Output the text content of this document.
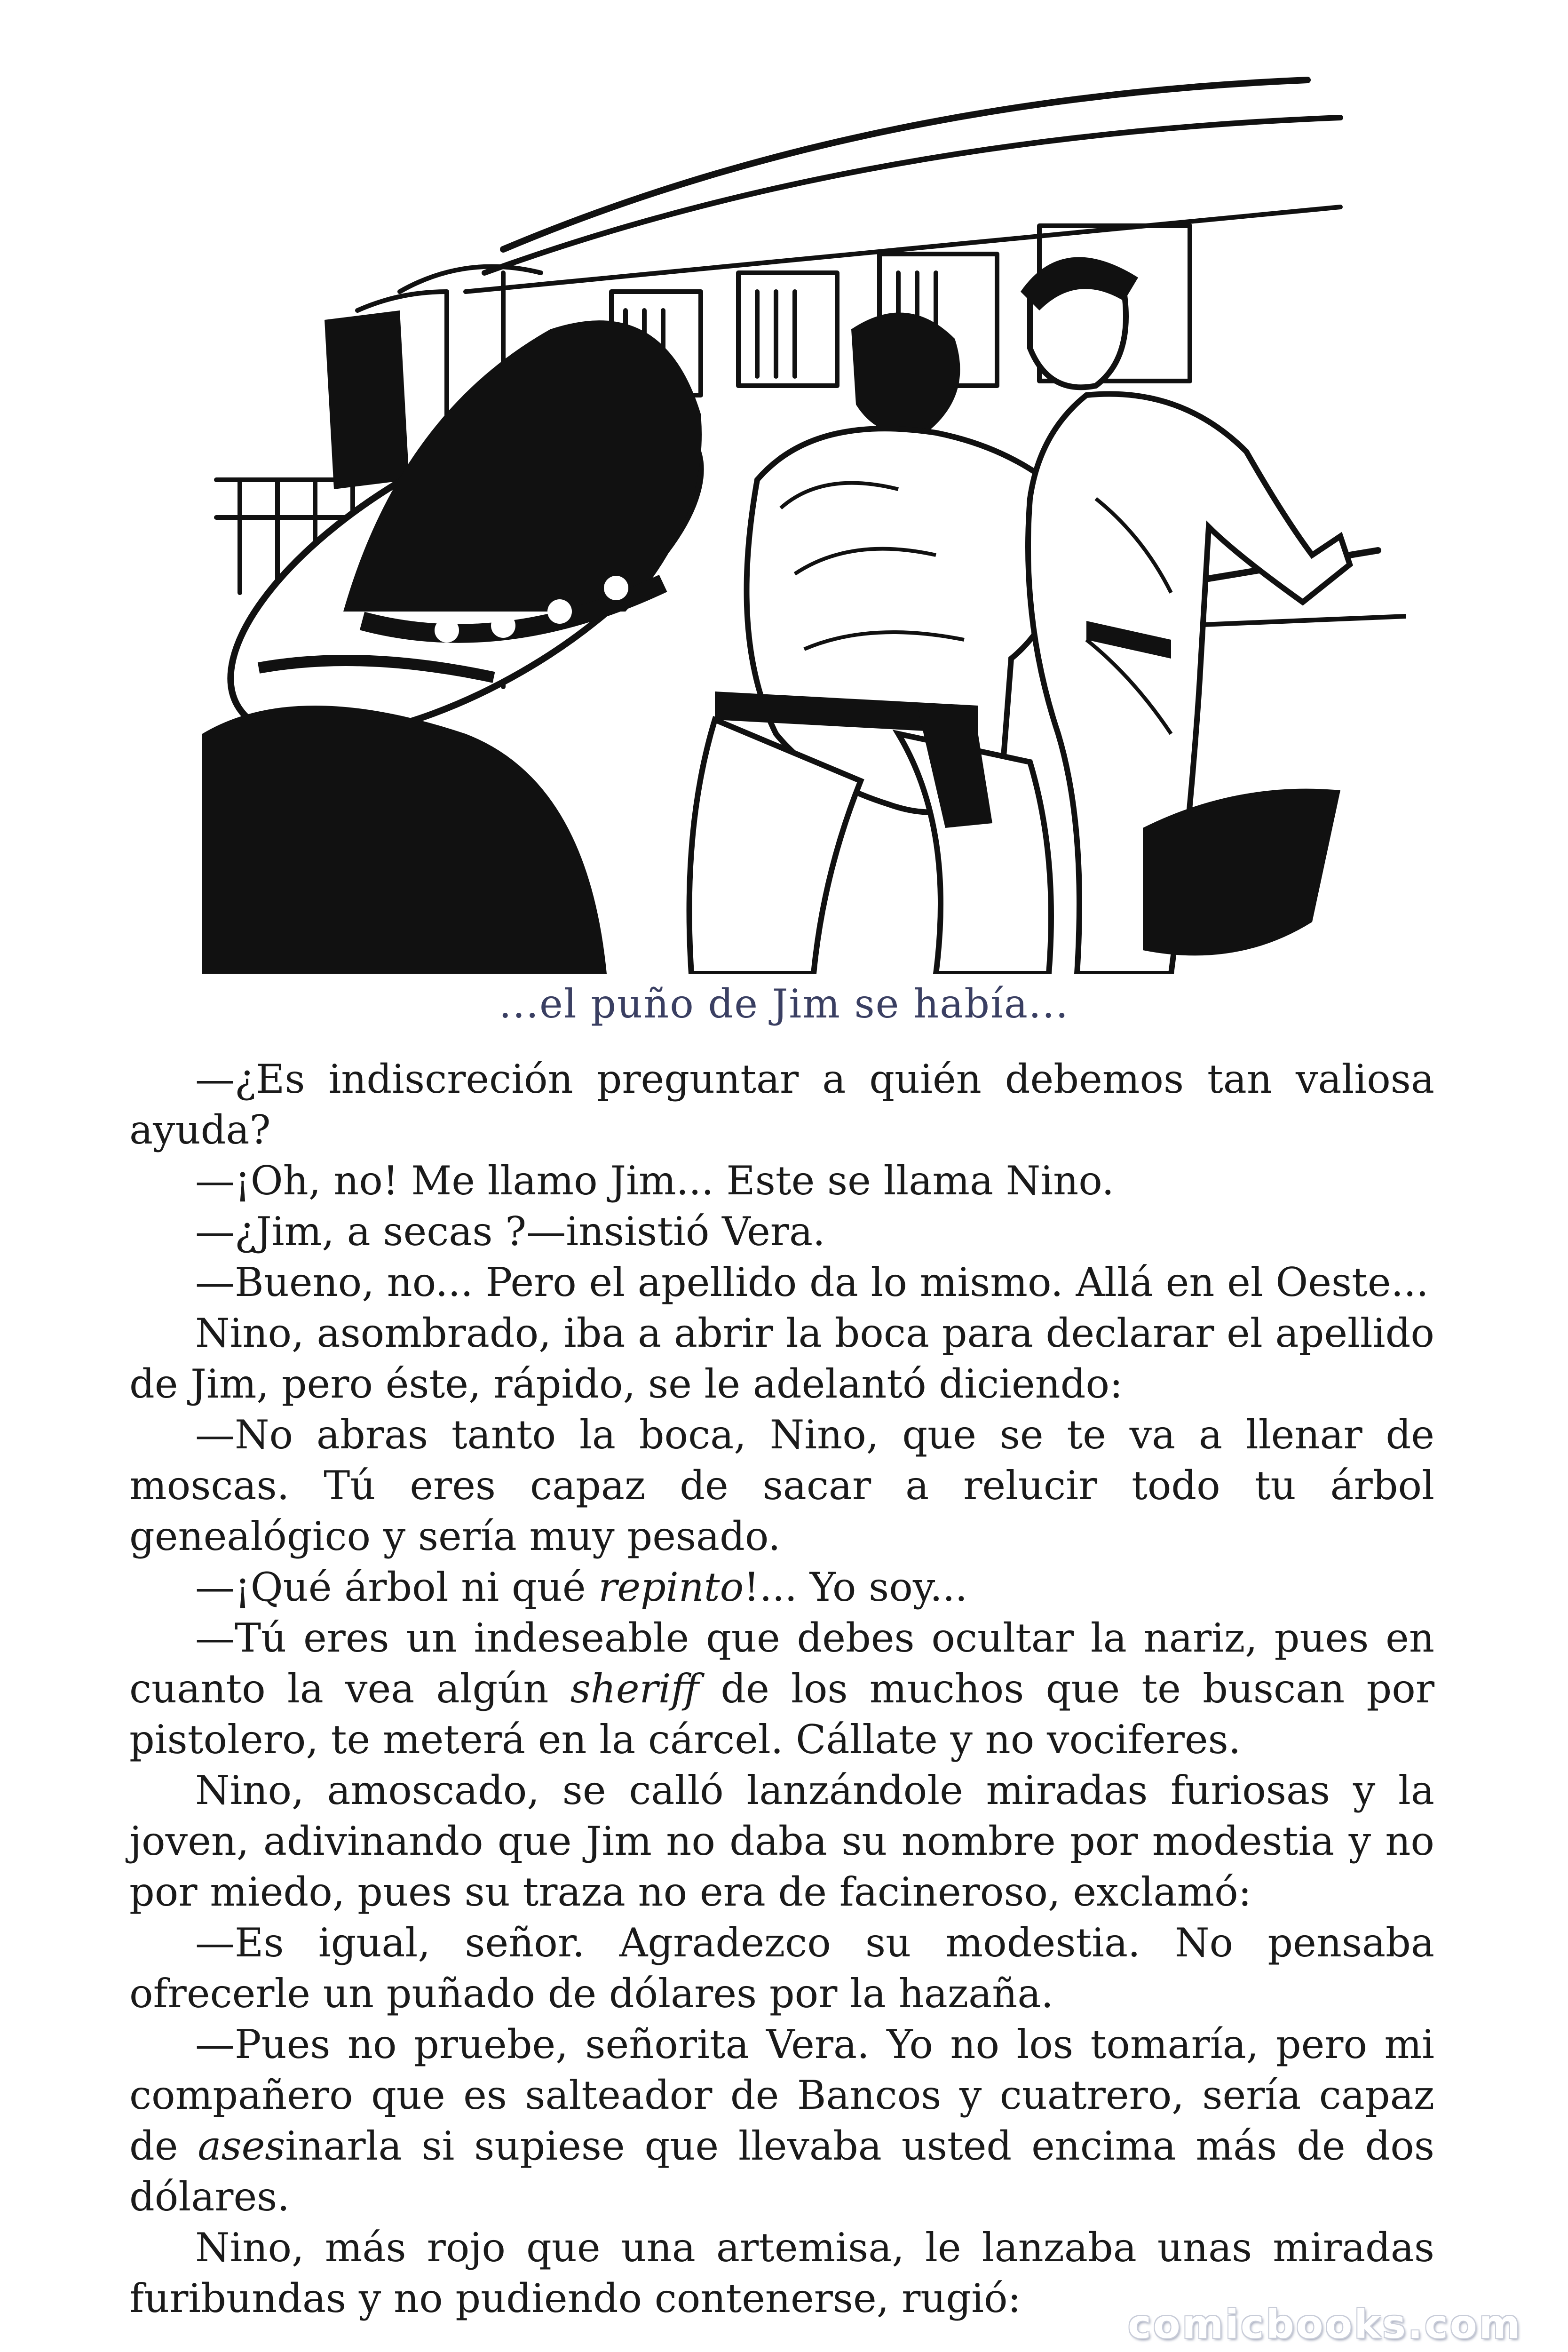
...el puño de Jim se había...

—¿Es indiscreción preguntar a quién debemos tan valiosa ayuda?

—¡Oh, no! Me llamo Jim... Este se llama Nino.

—¿Jim, a secas ?—insistió Vera.

—Bueno, no... Pero el apellido da lo mismo. Allá en el Oeste...

Nino, asombrado, iba a abrir la boca para declarar el apellido de Jim, pero éste, rápido, se le adelantó diciendo:

—No abras tanto la boca, Nino, que se te va a llenar de moscas. Tú eres capaz de sacar a relucir todo tu árbol genealógico y sería muy pesado.

—¡Qué árbol ni qué repinto!... Yo soy...

—Tú eres un indeseable que debes ocultar la nariz, pues en cuanto la vea algún sheriff de los muchos que te buscan por pistolero, te meterá en la cárcel. Cállate y no vociferes.

Nino, amoscado, se calló lanzándole miradas furiosas y la joven, adivinando que Jim no daba su nombre por modestia y no por miedo, pues su traza no era de facineroso, exclamó:

—Es igual, señor. Agradezco su modestia. No pensaba ofrecerle un puñado de dólares por la hazaña.

—Pues no pruebe, señorita Vera. Yo no los tomaría, pero mi compañero que es salteador de Bancos y cuatrero, sería capaz de asesinarla si supiese que llevaba usted encima más de dos dólares.

Nino, más rojo que una artemisa, le lanzaba unas miradas furibundas y no pudiendo contenerse, rugió:

comicbooks.com
